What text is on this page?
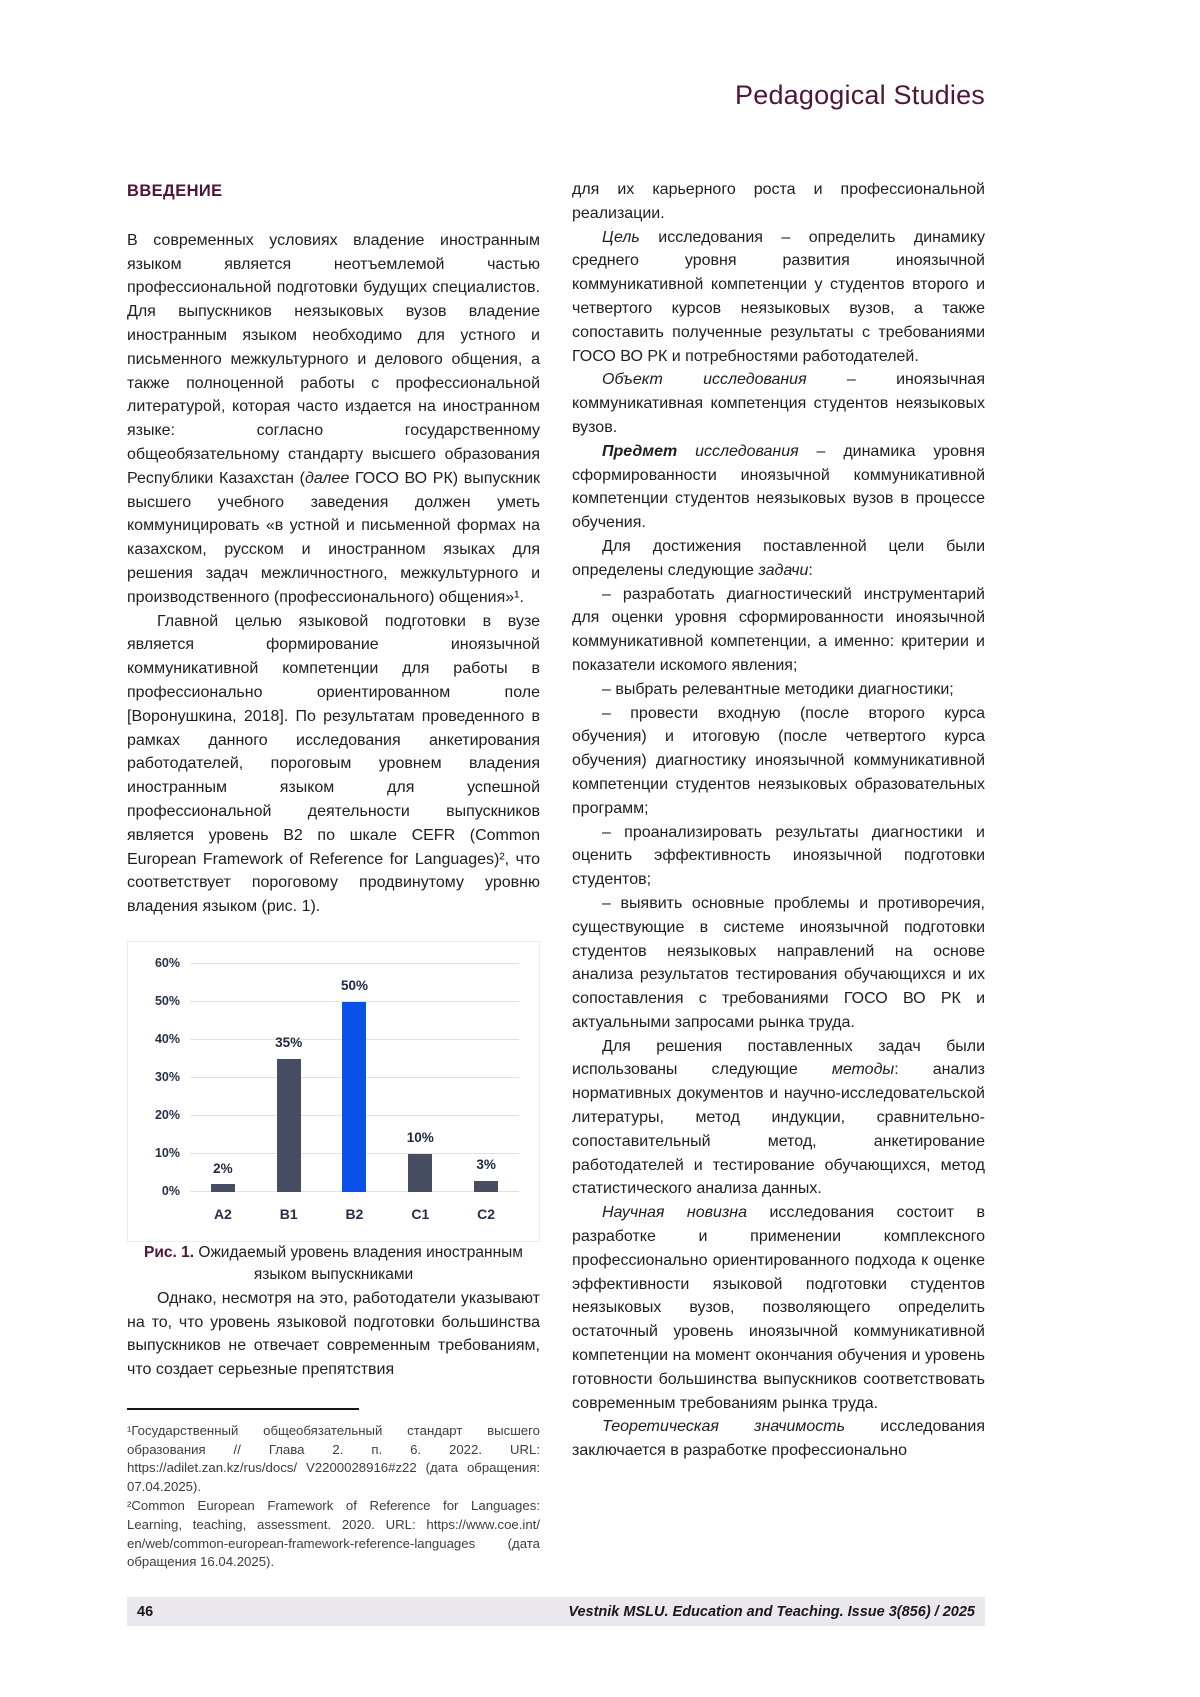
Pedagogical Studies
ВВЕДЕНИЕ

В современных условиях владение иностранным языком является неотъемлемой частью профессиональной подготовки будущих специалистов. Для выпускников неязыковых вузов владение иностранным языком необходимо для устного и письменного межкультурного и делового общения, а также полноценной работы с профессиональной литературой, которая часто издается на иностранном языке: согласно государственному общеобязательному стандарту высшего образования Республики Казахстан (далее ГОСО ВО РК) выпускник высшего учебного заведения должен уметь коммуницировать «в устной и письменной формах на казахском, русском и иностранном языках для решения задач межличностного, межкультурного и производственного (профессионального) общения»¹.

Главной целью языковой подготовки в вузе является формирование иноязычной коммуникативной компетенции для работы в профессионально ориентированном поле [Воронушкина, 2018]. По результатам проведенного в рамках данного исследования анкетирования работодателей, пороговым уровнем владения иностранным языком для успешной профессиональной деятельности выпускников является уровень B2 по шкале CEFR (Common European Framework of Reference for Languages)², что соответствует пороговому продвинутому уровню владения языком (рис. 1).

0%
10%
20%
30%
40%
50%
60%
2%
35%
50%
10%
3%
A2	B1	B2	C1	C2

Рис. 1. Ожидаемый уровень владения иностранным языком выпускниками

Однако, несмотря на это, работодатели указывают на то, что уровень языковой подготовки большинства выпускников не отвечает современным требованиям, что создает серьезные препятствия

¹Государственный общеобязательный стандарт высшего образования // Глава 2. п. 6. 2022. URL: https://adilet.zan.kz/rus/docs/ V2200028916#z22 (дата обращения: 07.04.2025).

²Common European Framework of Reference for Languages: Learning, teaching, assessment. 2020. URL: https://www.coe.int/ en/web/common-european-framework-reference-languages (дата обращения 16.04.2025).

для их карьерного роста и профессиональной реализации.

Цель исследования – определить динамику среднего уровня развития иноязычной коммуникативной компетенции у студентов второго и четвертого курсов неязыковых вузов, а также сопоставить полученные результаты с требованиями ГОСО ВО РК и потребностями работодателей.

Объект исследования – иноязычная коммуникативная компетенция студентов неязыковых вузов.

Предмет исследования – динамика уровня сформированности иноязычной коммуникативной компетенции студентов неязыковых вузов в процессе обучения.

Для достижения поставленной цели были определены следующие задачи:

– разработать диагностический инструментарий для оценки уровня сформированности иноязычной коммуникативной компетенции, а именно: критерии и показатели искомого явления;

– выбрать релевантные методики диагностики;

– провести входную (после второго курса обучения) и итоговую (после четвертого курса обучения) диагностику иноязычной коммуникативной компетенции студентов неязыковых образовательных программ;

– проанализировать результаты диагностики и оценить эффективность иноязычной подготовки студентов;

– выявить основные проблемы и противоречия, существующие в системе иноязычной подготовки студентов неязыковых направлений на основе анализа результатов тестирования обучающихся и их сопоставления с требованиями ГОСО ВО РК и актуальными запросами рынка труда.

Для решения поставленных задач были использованы следующие методы: анализ нормативных документов и научно-исследовательской литературы, метод индукции, сравнительно-сопоставительный метод, анкетирование работодателей и тестирование обучающихся, метод статистического анализа данных.

Научная новизна исследования состоит в разработке и применении комплексного профессионально ориентированного подхода к оценке эффективности языковой подготовки студентов неязыковых вузов, позволяющего определить остаточный уровень иноязычной коммуникативной компетенции на момент окончания обучения и уровень готовности большинства выпускников соответствовать современным требованиям рынка труда.

Теоретическая значимость исследования заключается в разработке профессионально

46	Vestnik MSLU. Education and Teaching. Issue 3(856) / 2025
